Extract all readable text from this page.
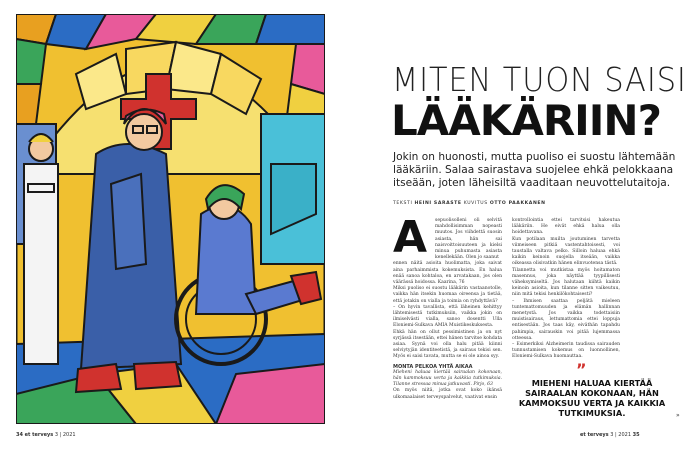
MITEN TUON SAISI
LÄÄKÄRIIN?
Jokin on huonosti, mutta puoliso ei suostu lähtemään lääkäriin. Salaa sairastava suojelee ehkä pelokkaana itseään, joten läheisiltä vaaditaan neuvottelutaitoja.
TEKSTI HEINI SARASTE KUVITUS OTTO PAAKKANEN
A	sepuolisolleni oli selvitä mahdollisimman nopeasti muutos. Jos viihdettä suosin asiasta, hän sai naisvoittoisuuteen ja kielsi minua puhumasta asiasta kenellekään. Olen jo saanut
ennen näitä asioita huolimatta, joka saivat aina parhaimmista kokemuksista. En halua enää sanoa kohtaloa, en arvatakaan, jos olen väärässä hoidossa. Kaarina, 76
Miksi puoliso ei suostu lääkärin vastaanotolle, vaikka hän itsekin huomaa oireensa ja tietää, että jotakin on vialla ja toimia on ryhdyttävä?
– On hyvin tavallista, että läheinen kehittyy lähtemisestä tutkimuksiin, vaikka jokin on ilmiselvästi vialla, sanoo dosentti Ulla Eloniemi-Sulkava AMIA Muistikeskuksesta.
Ehkä hän on ollut pessimistinen ja on nyt syrjässä itsestään, ettei hänen tarvitse kohdata asiaa. Syynä voi olla halu pitää kiinni selviytyjän identiteetistä, ja sairaus tekisi sen. Myös ei saisi tavata, mutta se ei ole ainoa syy.
MONTA PELKOA YHTÄ AIKAA
Mieheni haluaa kiertää sairaalan kokonaan, hän kammoksuu verta ja kaikkia tutkimuksia. Tilanne stressaa minua jatkuvasti. Pirjo, 63
On myös niitä, jotka ovat koko ikänsä ulkomaalaiset terveyspalvelut, vaativat ensin
kontrollointia ettei tarvitsisi hakeutua lääkäriin. He eivät ehkä halua olla hoidettavana.
Kun potilaan muilta joutuminen tarvetta viimeiseen pitkiä vastentahtoisesti, voi taustalla valtava pelko. Silloin haluaa ehkä kaikin keinoin suojella itseään, vaikka oikeassa olisivatkin hänen elinvuotensa tästä.
Tilannetta voi mutkistaa myös hoitamaton masennus, joka näyttää tyypillisesti väheksymiseltä. Jos halutaan kiihtä kaikin keinoin asioita, kun tilanne sitten vaikeutuu, niin mitä tekisi henkilökohtaisesti?
– Ihmisen saattaa peljätä mieleen tuntemattomuuden ja elämän hallinnan menetystä. Jos vaikka todettaisiin muistisairaus, lettumattomia ettei loppuja entisestään. Jos taas käy, eiväthän tapahdu pahimpia, sairauskin voi pitää lujemmassa otteessa.
– Esimerkiksi Alzheimerin taudissa sairauden tunnustamisen kokemus on luonnollinen, Eloniemi-Sulkava huomauttaa.
”
MIEHENI HALUAA KIERTÄÄ SAIRAALAN KOKONAAN, HÄN KAMMOKSUU VERTA JA KAIKKIA TUTKIMUKSIA.
34 et terveys 3 | 2021	et terveys 3 | 2021 35
»
